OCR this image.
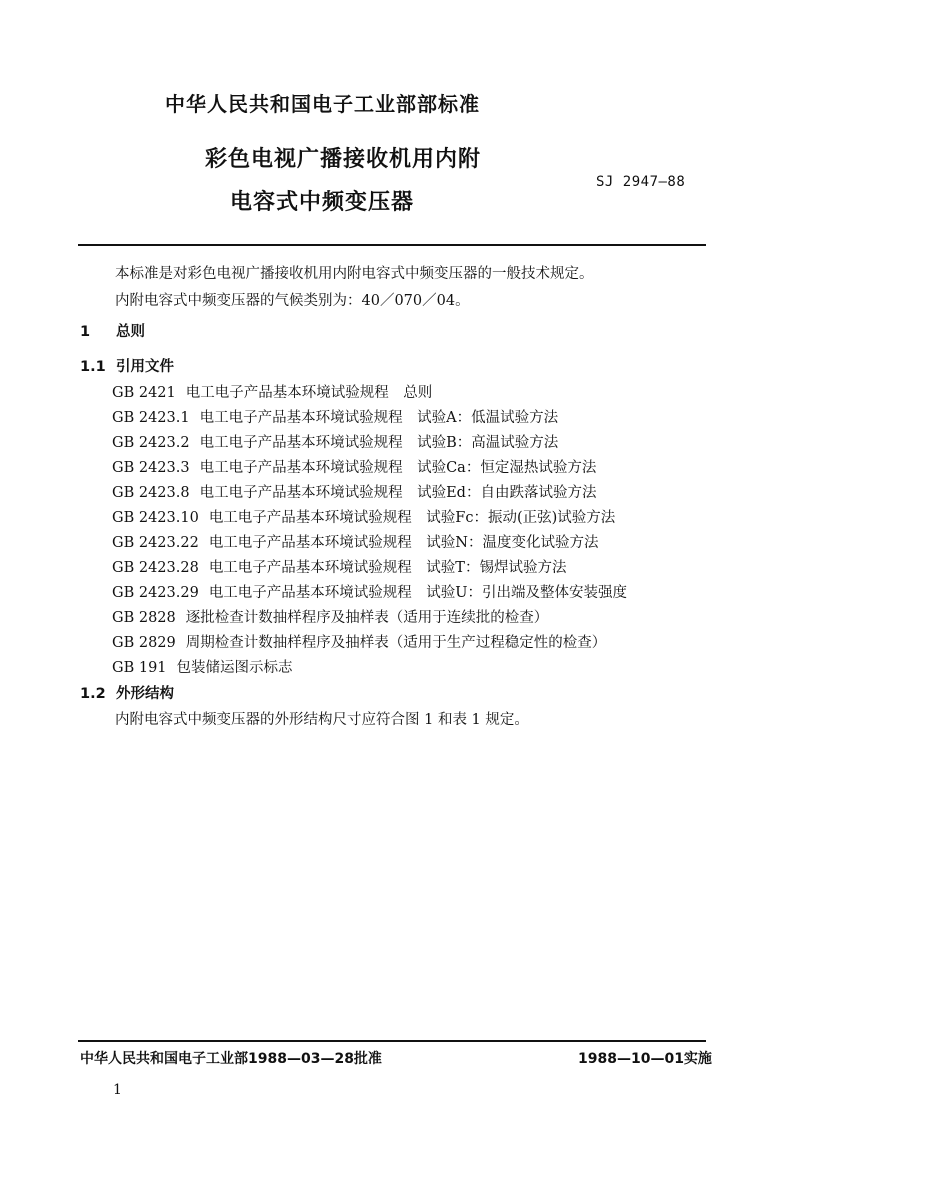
中华人民共和国电子工业部部标准
彩色电视广播接收机用内附
电容式中频变压器
SJ 2947—88
本标准是对彩色电视广播接收机用内附电容式中频变压器的一般技术规定。
内附电容式中频变压器的气候类别为：40／070／04。
1 总则
1.1 引用文件
GB 2421 电工电子产品基本环境试验规程　总则
GB 2423.1 电工电子产品基本环境试验规程　试验A：低温试验方法
GB 2423.2 电工电子产品基本环境试验规程　试验B：高温试验方法
GB 2423.3 电工电子产品基本环境试验规程　试验Ca：恒定湿热试验方法
GB 2423.8 电工电子产品基本环境试验规程　试验Ed：自由跌落试验方法
GB 2423.10 电工电子产品基本环境试验规程　试验Fc：振动(正弦)试验方法
GB 2423.22 电工电子产品基本环境试验规程　试验N：温度变化试验方法
GB 2423.28 电工电子产品基本环境试验规程　试验T：锡焊试验方法
GB 2423.29 电工电子产品基本环境试验规程　试验U：引出端及整体安装强度
GB 2828 逐批检查计数抽样程序及抽样表（适用于连续批的检查）
GB 2829 周期检查计数抽样程序及抽样表（适用于生产过程稳定性的检查）
GB 191 包装储运图示标志
1.2 外形结构
内附电容式中频变压器的外形结构尺寸应符合图 1 和表 1 规定。
中华人民共和国电子工业部1988—03—28批准	1988—10—01实施
1
